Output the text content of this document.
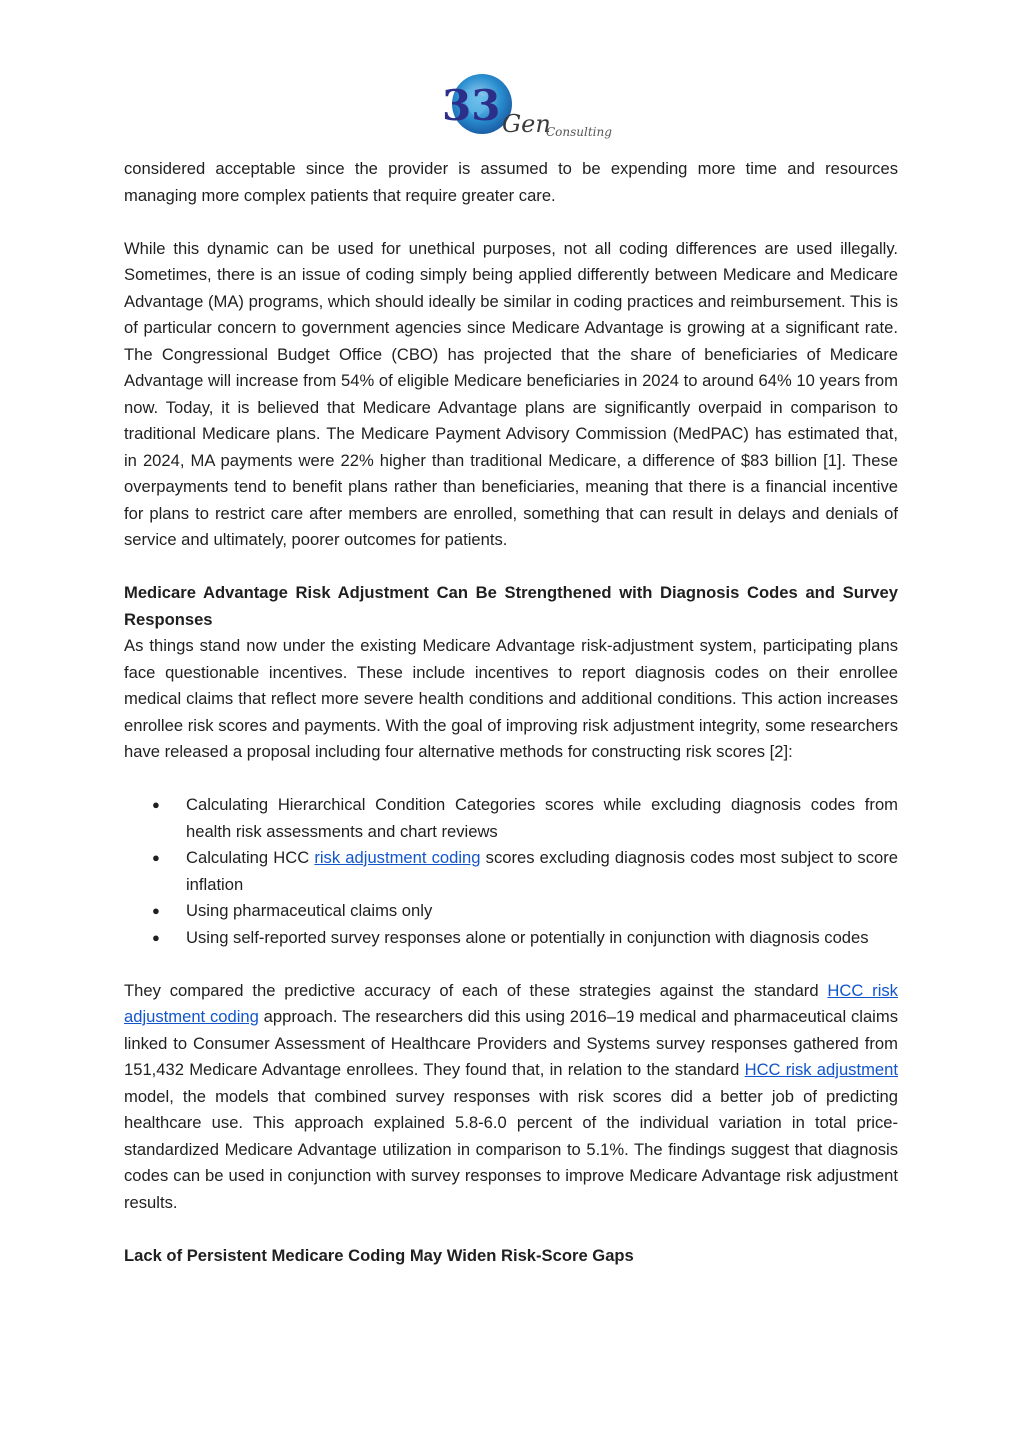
33 Gen
Consulting

considered acceptable since the provider is assumed to be expending more time and resources managing more complex patients that require greater care.

While this dynamic can be used for unethical purposes, not all coding differences are used illegally. Sometimes, there is an issue of coding simply being applied differently between Medicare and Medicare Advantage (MA) programs, which should ideally be similar in coding practices and reimbursement. This is of particular concern to government agencies since Medicare Advantage is growing at a significant rate. The Congressional Budget Office (CBO) has projected that the share of beneficiaries of Medicare Advantage will increase from 54% of eligible Medicare beneficiaries in 2024 to around 64% 10 years from now. Today, it is believed that Medicare Advantage plans are significantly overpaid in comparison to traditional Medicare plans. The Medicare Payment Advisory Commission (MedPAC) has estimated that, in 2024, MA payments were 22% higher than traditional Medicare, a difference of $83 billion [1]. These overpayments tend to benefit plans rather than beneficiaries, meaning that there is a financial incentive for plans to restrict care after members are enrolled, something that can result in delays and denials of service and ultimately, poorer outcomes for patients.

Medicare Advantage Risk Adjustment Can Be Strengthened with Diagnosis Codes and Survey Responses

As things stand now under the existing Medicare Advantage risk-adjustment system, participating plans face questionable incentives. These include incentives to report diagnosis codes on their enrollee medical claims that reflect more severe health conditions and additional conditions. This action increases enrollee risk scores and payments. With the goal of improving risk adjustment integrity, some researchers have released a proposal including four alternative methods for constructing risk scores [2]:

● Calculating Hierarchical Condition Categories scores while excluding diagnosis codes from health risk assessments and chart reviews
● Calculating HCC risk adjustment coding scores excluding diagnosis codes most subject to score inflation
● Using pharmaceutical claims only
● Using self-reported survey responses alone or potentially in conjunction with diagnosis codes

They compared the predictive accuracy of each of these strategies against the standard HCC risk adjustment coding approach. The researchers did this using 2016–19 medical and pharmaceutical claims linked to Consumer Assessment of Healthcare Providers and Systems survey responses gathered from 151,432 Medicare Advantage enrollees. They found that, in relation to the standard HCC risk adjustment model, the models that combined survey responses with risk scores did a better job of predicting healthcare use. This approach explained 5.8-6.0 percent of the individual variation in total price-standardized Medicare Advantage utilization in comparison to 5.1%. The findings suggest that diagnosis codes can be used in conjunction with survey responses to improve Medicare Advantage risk adjustment results.

Lack of Persistent Medicare Coding May Widen Risk-Score Gaps
